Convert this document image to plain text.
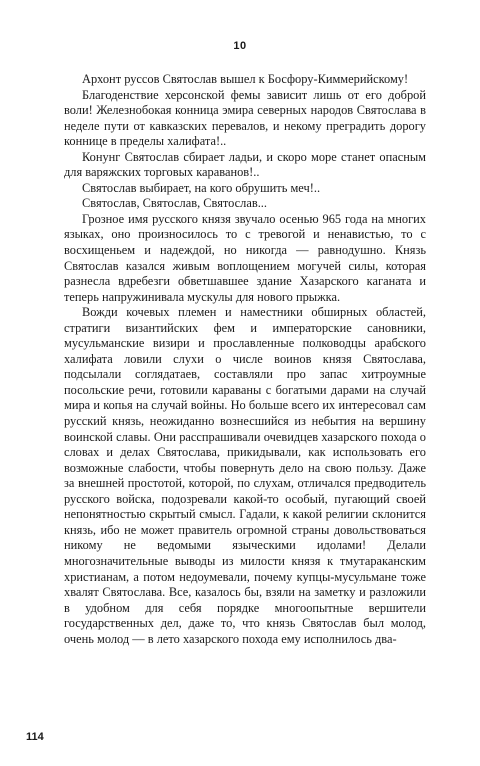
10

Архонт руссов Святослав вышел к Босфору-Киммерийскому!

Благоденствие херсонской фемы зависит лишь от его доброй воли! Железнобокая конница эмира северных народов Святослава в неделе пути от кавказских перевалов, и некому преградить дорогу коннице в пределы халифата!..

Конунг Святослав сбирает ладьи, и скоро море станет опасным для варяжских торговых караванов!..

Святослав выбирает, на кого обрушить меч!..

Святослав, Святослав, Святослав...

Грозное имя русского князя звучало осенью 965 года на многих языках, оно произносилось то с тревогой и ненавистью, то с восхищеньем и надеждой, но никогда — равнодушно. Князь Святослав казался живым воплощением могучей силы, которая разнесла вдребезги обветшавшее здание Хазарского каганата и теперь напружинивала мускулы для нового прыжка.

Вожди кочевых племен и наместники обширных областей, стратиги византийских фем и императорские сановники, мусульманские визири и прославленные полководцы арабского халифата ловили слухи о числе воинов князя Святослава, подсылали соглядатаев, составляли про запас хитроумные посольские речи, готовили караваны с богатыми дарами на случай мира и копья на случай войны. Но больше всего их интересовал сам русский князь, неожиданно вознесшийся из небытия на вершину воинской славы. Они расспрашивали очевидцев хазарского похода о словах и делах Святослава, прикидывали, как использовать его возможные слабости, чтобы повернуть дело на свою пользу. Даже за внешней простотой, которой, по слухам, отличался предводитель русского войска, подозревали какой-то особый, пугающий своей непонятностью скрытый смысл. Гадали, к какой религии склонится князь, ибо не может правитель огромной страны довольствоваться никому не ведомыми языческими идолами! Делали многозначительные выводы из милости князя к тмутараканским христианам, а потом недоумевали, почему купцы-мусульмане тоже хвалят Святослава. Все, казалось бы, взяли на заметку и разложили в удобном для себя порядке многоопытные вершители государственных дел, даже то́, что князь Святослав был молод, очень молод — в лето хазарского похода ему исполнилось два-

114
